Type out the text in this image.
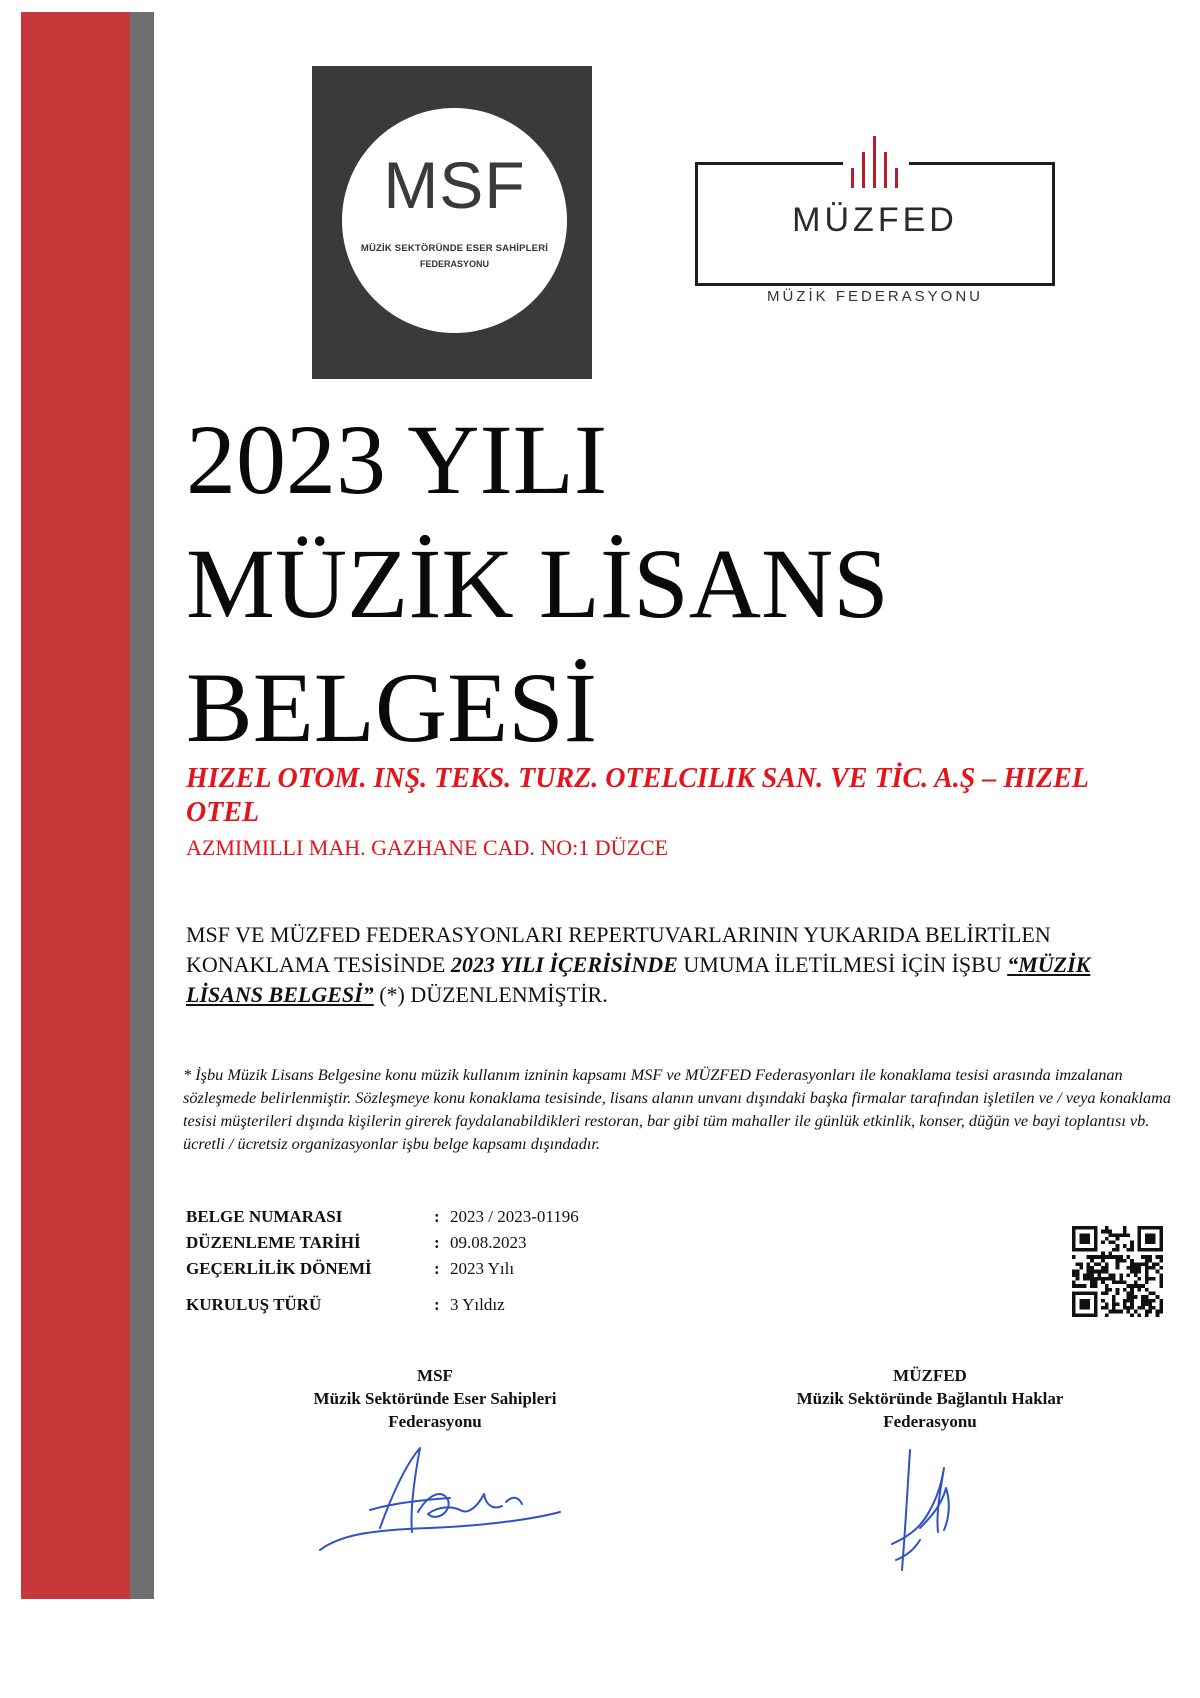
MSF
MÜZİK SEKTÖRÜNDE ESER SAHİPLERİ
FEDERASYONU
MÜZFED
MÜZİK FEDERASYONU
2023 YILI
MÜZİK LİSANS
BELGESİ
HIZEL OTOM. INŞ. TEKS. TURZ. OTELCILIK SAN. VE TİC. A.Ş – HIZEL OTEL
AZMIMILLI MAH. GAZHANE CAD. NO:1 DÜZCE
MSF VE MÜZFED FEDERASYONLARI REPERTUVARLARININ YUKARIDA BELİRTİLEN KONAKLAMA TESİSİNDE 2023 YILI İÇERİSİNDE UMUMA İLETİLMESİ İÇİN İŞBU “MÜZİK LİSANS BELGESİ” (*) DÜZENLENMİŞTİR.
* İşbu Müzik Lisans Belgesine konu müzik kullanım izninin kapsamı MSF ve MÜZFED Federasyonları ile konaklama tesisi arasında imzalanan sözleşmede belirlenmiştir. Sözleşmeye konu konaklama tesisinde, lisans alanın unvanı dışındaki başka firmalar tarafından işletilen ve / veya konaklama tesisi müşterileri dışında kişilerin girerek faydalanabildikleri restoran, bar gibi tüm mahaller ile günlük etkinlik, konser, düğün ve bayi toplantısı vb. ücretli / ücretsiz organizasyonlar işbu belge kapsamı dışındadır.
BELGE NUMARASI	: 2023 / 2023-01196
DÜZENLEME TARİHİ	: 09.08.2023
GEÇERLİLİK DÖNEMİ	: 2023 Yılı
KURULUŞ TÜRÜ	: 3 Yıldız
MSF
Müzik Sektöründe Eser Sahipleri
Federasyonu
MÜZFED
Müzik Sektöründe Bağlantılı Haklar
Federasyonu
